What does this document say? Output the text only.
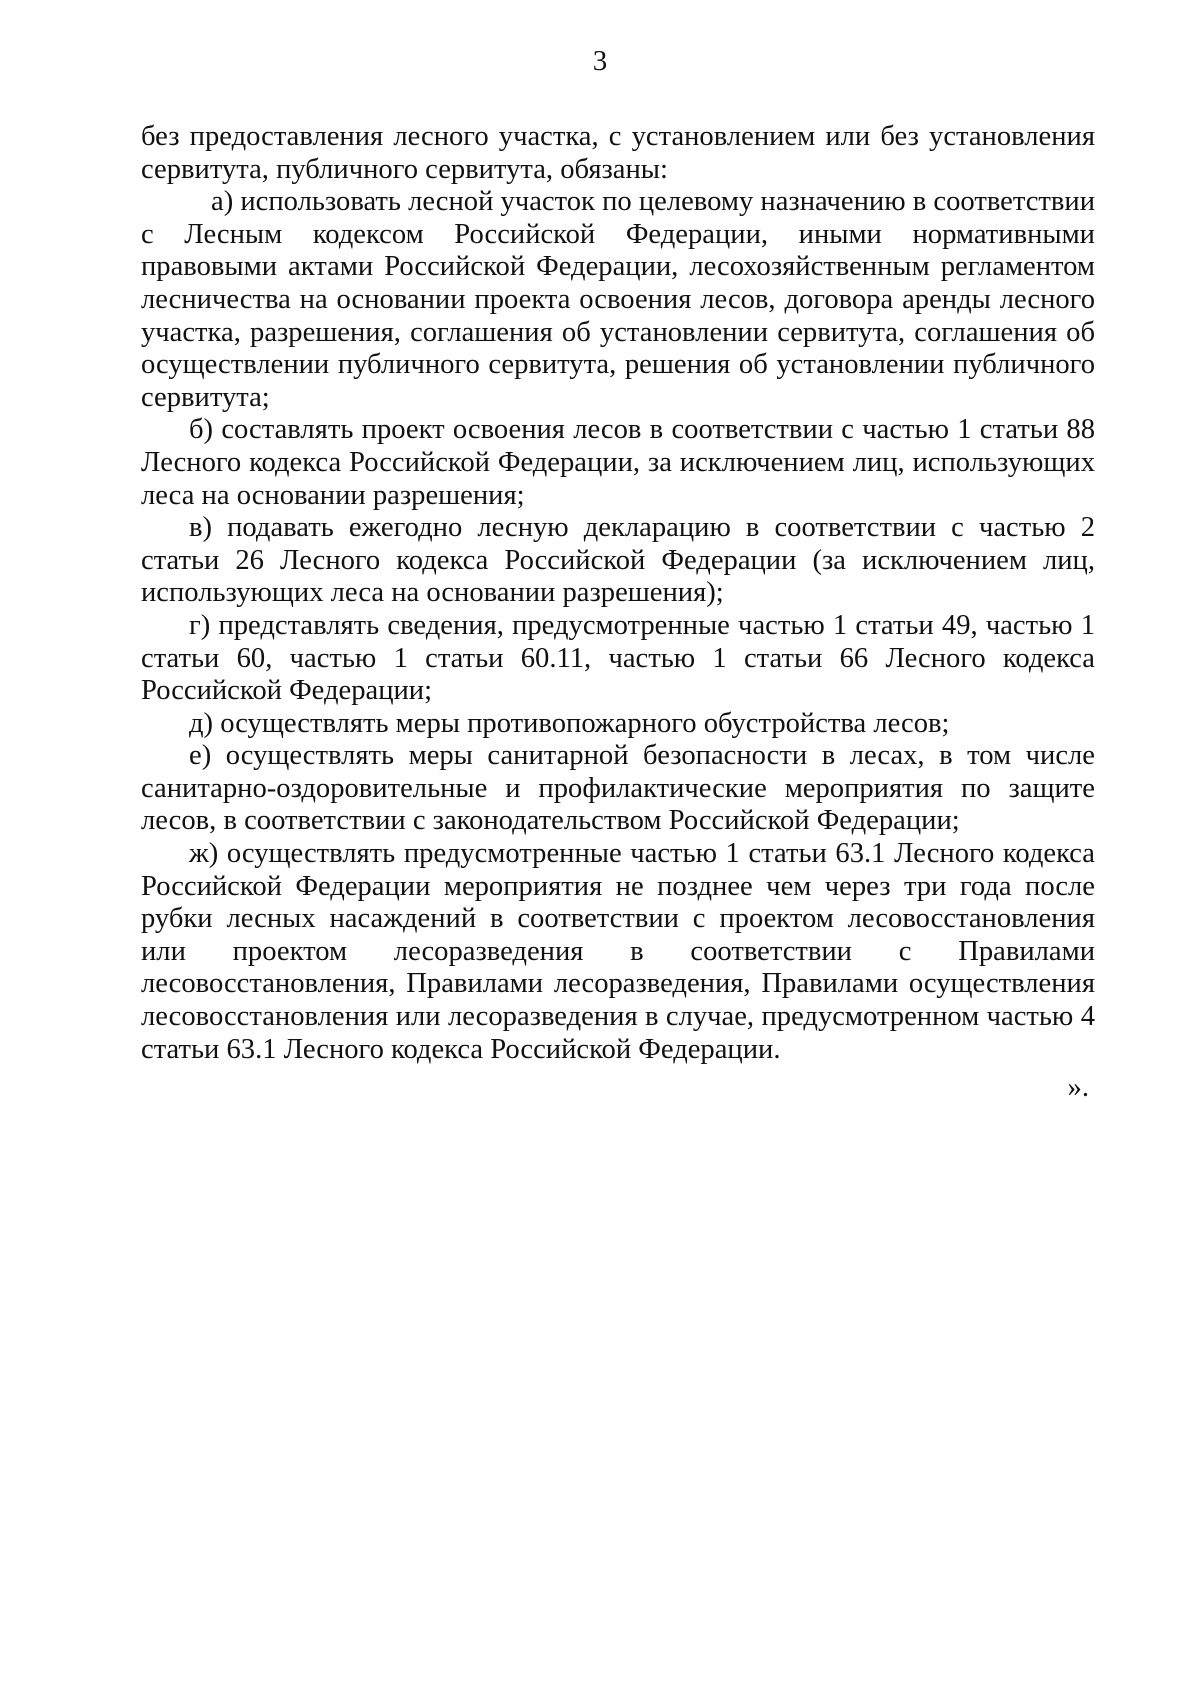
3

без предоставления лесного участка, с установлением или без установления сервитута, публичного сервитута, обязаны:

а) использовать лесной участок по целевому назначению в соответствии с Лесным кодексом Российской Федерации, иными нормативными правовыми актами Российской Федерации, лесохозяйственным регламентом лесничества на основании проекта освоения лесов, договора аренды лесного участка, разрешения, соглашения об установлении сервитута, соглашения об осуществлении публичного сервитута, решения об установлении публичного сервитута;

б) составлять проект освоения лесов в соответствии с частью 1 статьи 88 Лесного кодекса Российской Федерации, за исключением лиц, использующих леса на основании разрешения;

в) подавать ежегодно лесную декларацию в соответствии с частью 2 статьи 26 Лесного кодекса Российской Федерации (за исключением лиц, использующих леса на основании разрешения);

г) представлять сведения, предусмотренные частью 1 статьи 49, частью 1 статьи 60, частью 1 статьи 60.11, частью 1 статьи 66 Лесного кодекса Российской Федерации;

д) осуществлять меры противопожарного обустройства лесов;

е) осуществлять меры санитарной безопасности в лесах, в том числе санитарно-оздоровительные и профилактические мероприятия по защите лесов, в соответствии с законодательством Российской Федерации;

ж) осуществлять предусмотренные частью 1 статьи 63.1 Лесного кодекса Российской Федерации мероприятия не позднее чем через три года после рубки лесных насаждений в соответствии с проектом лесовосстановления или проектом лесоразведения в соответствии с Правилами лесовосстановления, Правилами лесоразведения, Правилами осуществления лесовосстановления или лесоразведения в случае, предусмотренном частью 4 статьи 63.1 Лесного кодекса Российской Федерации.

».
